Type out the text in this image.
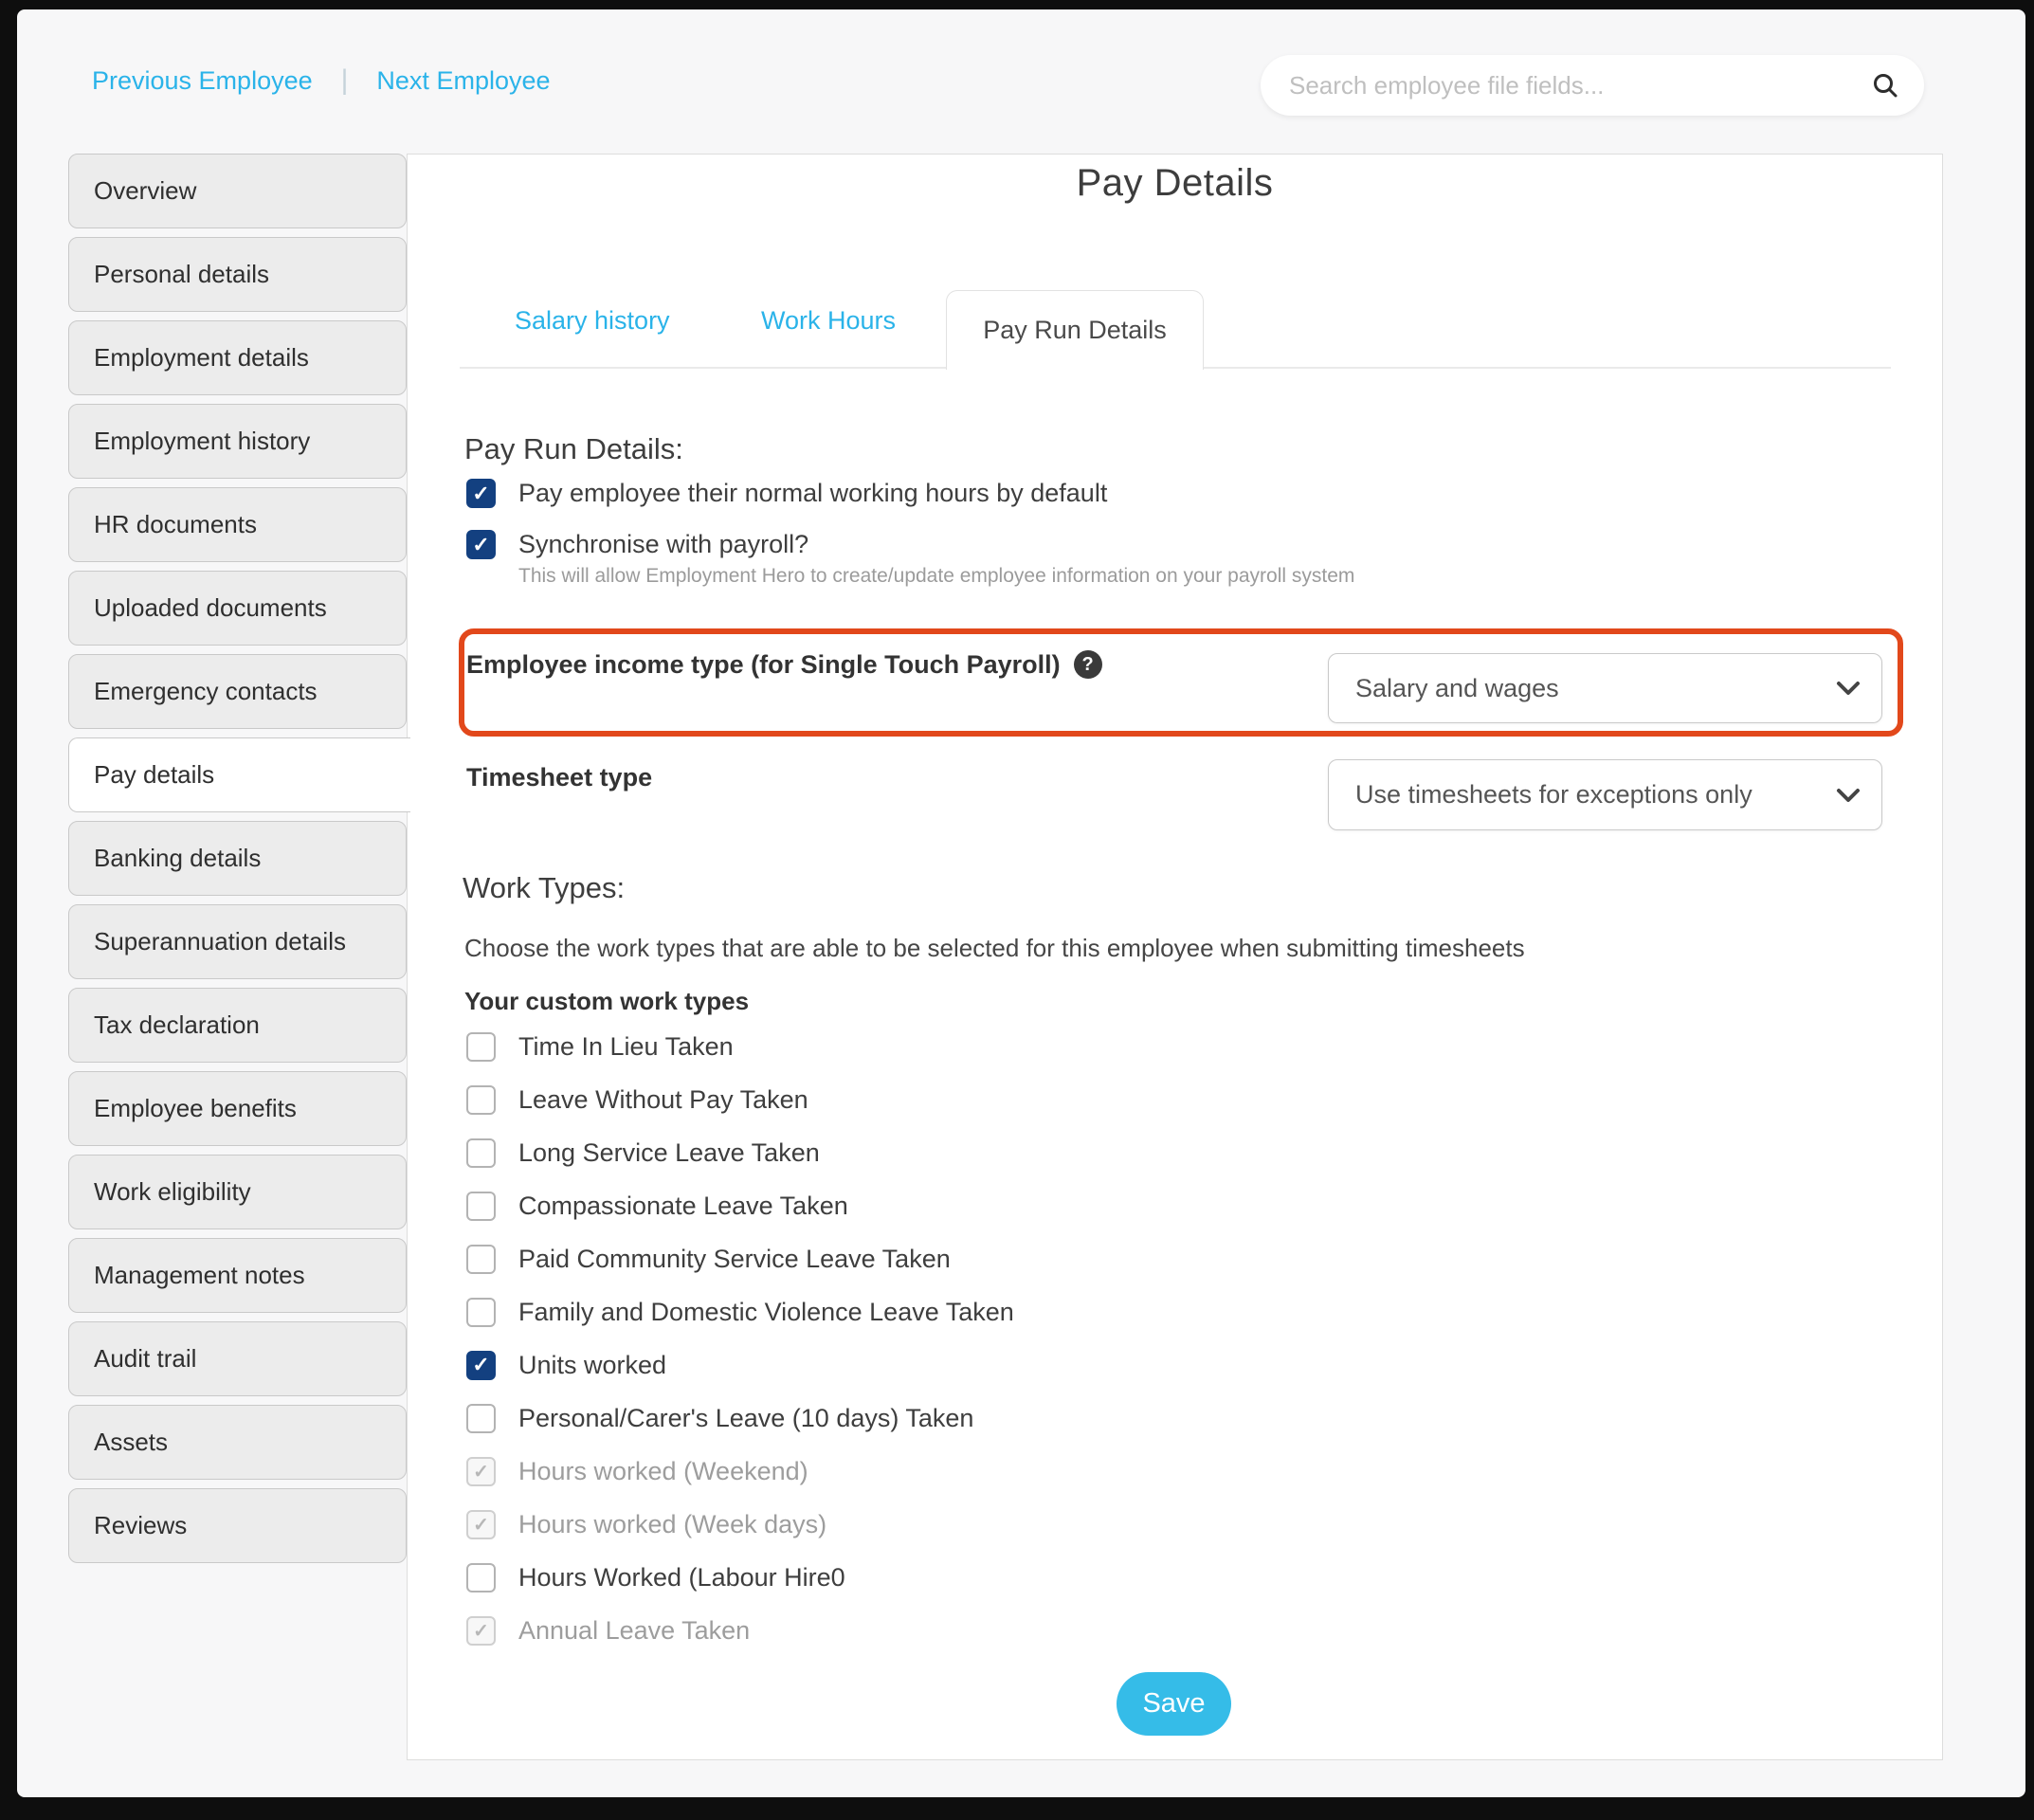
Previous Employee | Next Employee
Search employee file fields...
Overview
Personal details
Employment details
Employment history
HR documents
Uploaded documents
Emergency contacts
Pay details
Banking details
Superannuation details
Tax declaration
Employee benefits
Work eligibility
Management notes
Audit trail
Assets
Reviews
Pay Details
Salary history	Work Hours	Pay Run Details
Pay Run Details:
✓
Pay employee their normal working hours by default
✓
Synchronise with payroll?
This will allow Employment Hero to create/update employee information on your payroll system
Employee income type (for Single Touch Payroll)	?
Salary and wages
Timesheet type
Use timesheets for exceptions only
Work Types:
Choose the work types that are able to be selected for this employee when submitting timesheets
Your custom work types
Time In Lieu Taken
Leave Without Pay Taken
Long Service Leave Taken
Compassionate Leave Taken
Paid Community Service Leave Taken
Family and Domestic Violence Leave Taken
✓
Units worked
Personal/Carer's Leave (10 days) Taken
✓
Hours worked (Weekend)
✓
Hours worked (Week days)
Hours Worked (Labour Hire0
✓
Annual Leave Taken
Save
